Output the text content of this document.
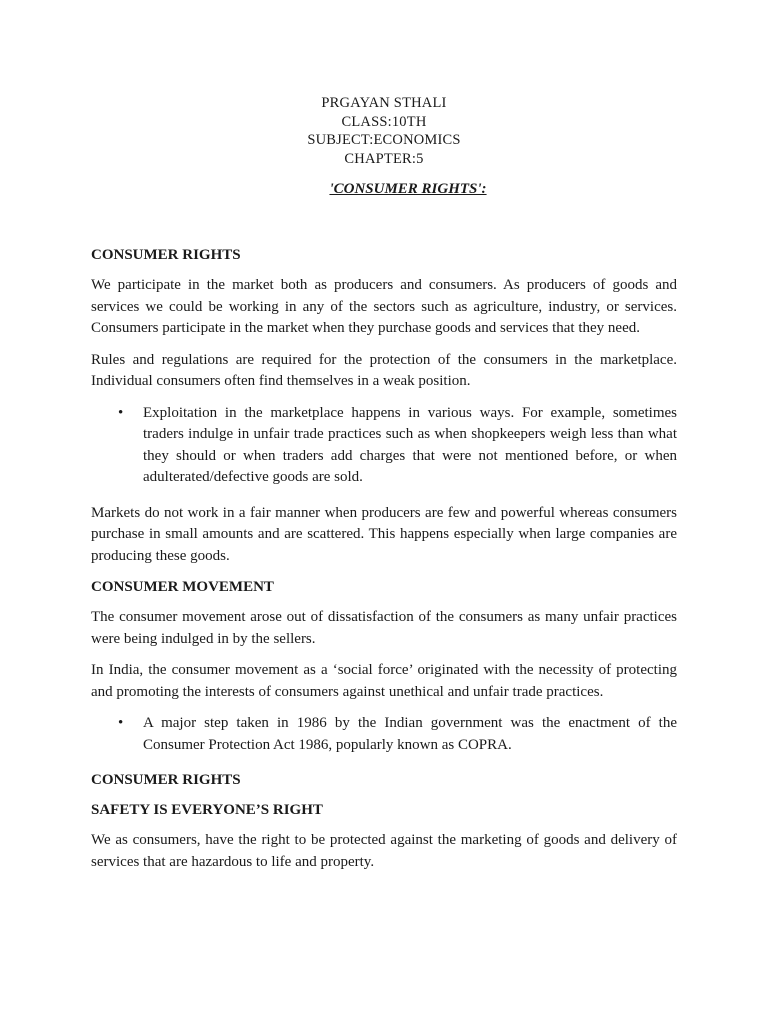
PRGAYAN STHALI
CLASS:10TH
SUBJECT:ECONOMICS
CHAPTER:5
'CONSUMER RIGHTS':
CONSUMER RIGHTS

We participate in the market both as producers and consumers. As producers of goods and services we could be working in any of the sectors such as agriculture, industry, or services. Consumers participate in the market when they purchase goods and services that they need.

Rules and regulations are required for the protection of the consumers in the marketplace. Individual consumers often find themselves in a weak position.

• Exploitation in the marketplace happens in various ways. For example, sometimes traders indulge in unfair trade practices such as when shopkeepers weigh less than what they should or when traders add charges that were not mentioned before, or when adulterated/defective goods are sold.

Markets do not work in a fair manner when producers are few and powerful whereas consumers purchase in small amounts and are scattered. This happens especially when large companies are producing these goods.

CONSUMER MOVEMENT

The consumer movement arose out of dissatisfaction of the consumers as many unfair practices were being indulged in by the sellers.

In India, the consumer movement as a ‘social force’ originated with the necessity of protecting and promoting the interests of consumers against unethical and unfair trade practices.

• A major step taken in 1986 by the Indian government was the enactment of the Consumer Protection Act 1986, popularly known as COPRA.
CONSUMER RIGHTS
SAFETY IS EVERYONE’S RIGHT

We as consumers, have the right to be protected against the marketing of goods and delivery of services that are hazardous to life and property.
